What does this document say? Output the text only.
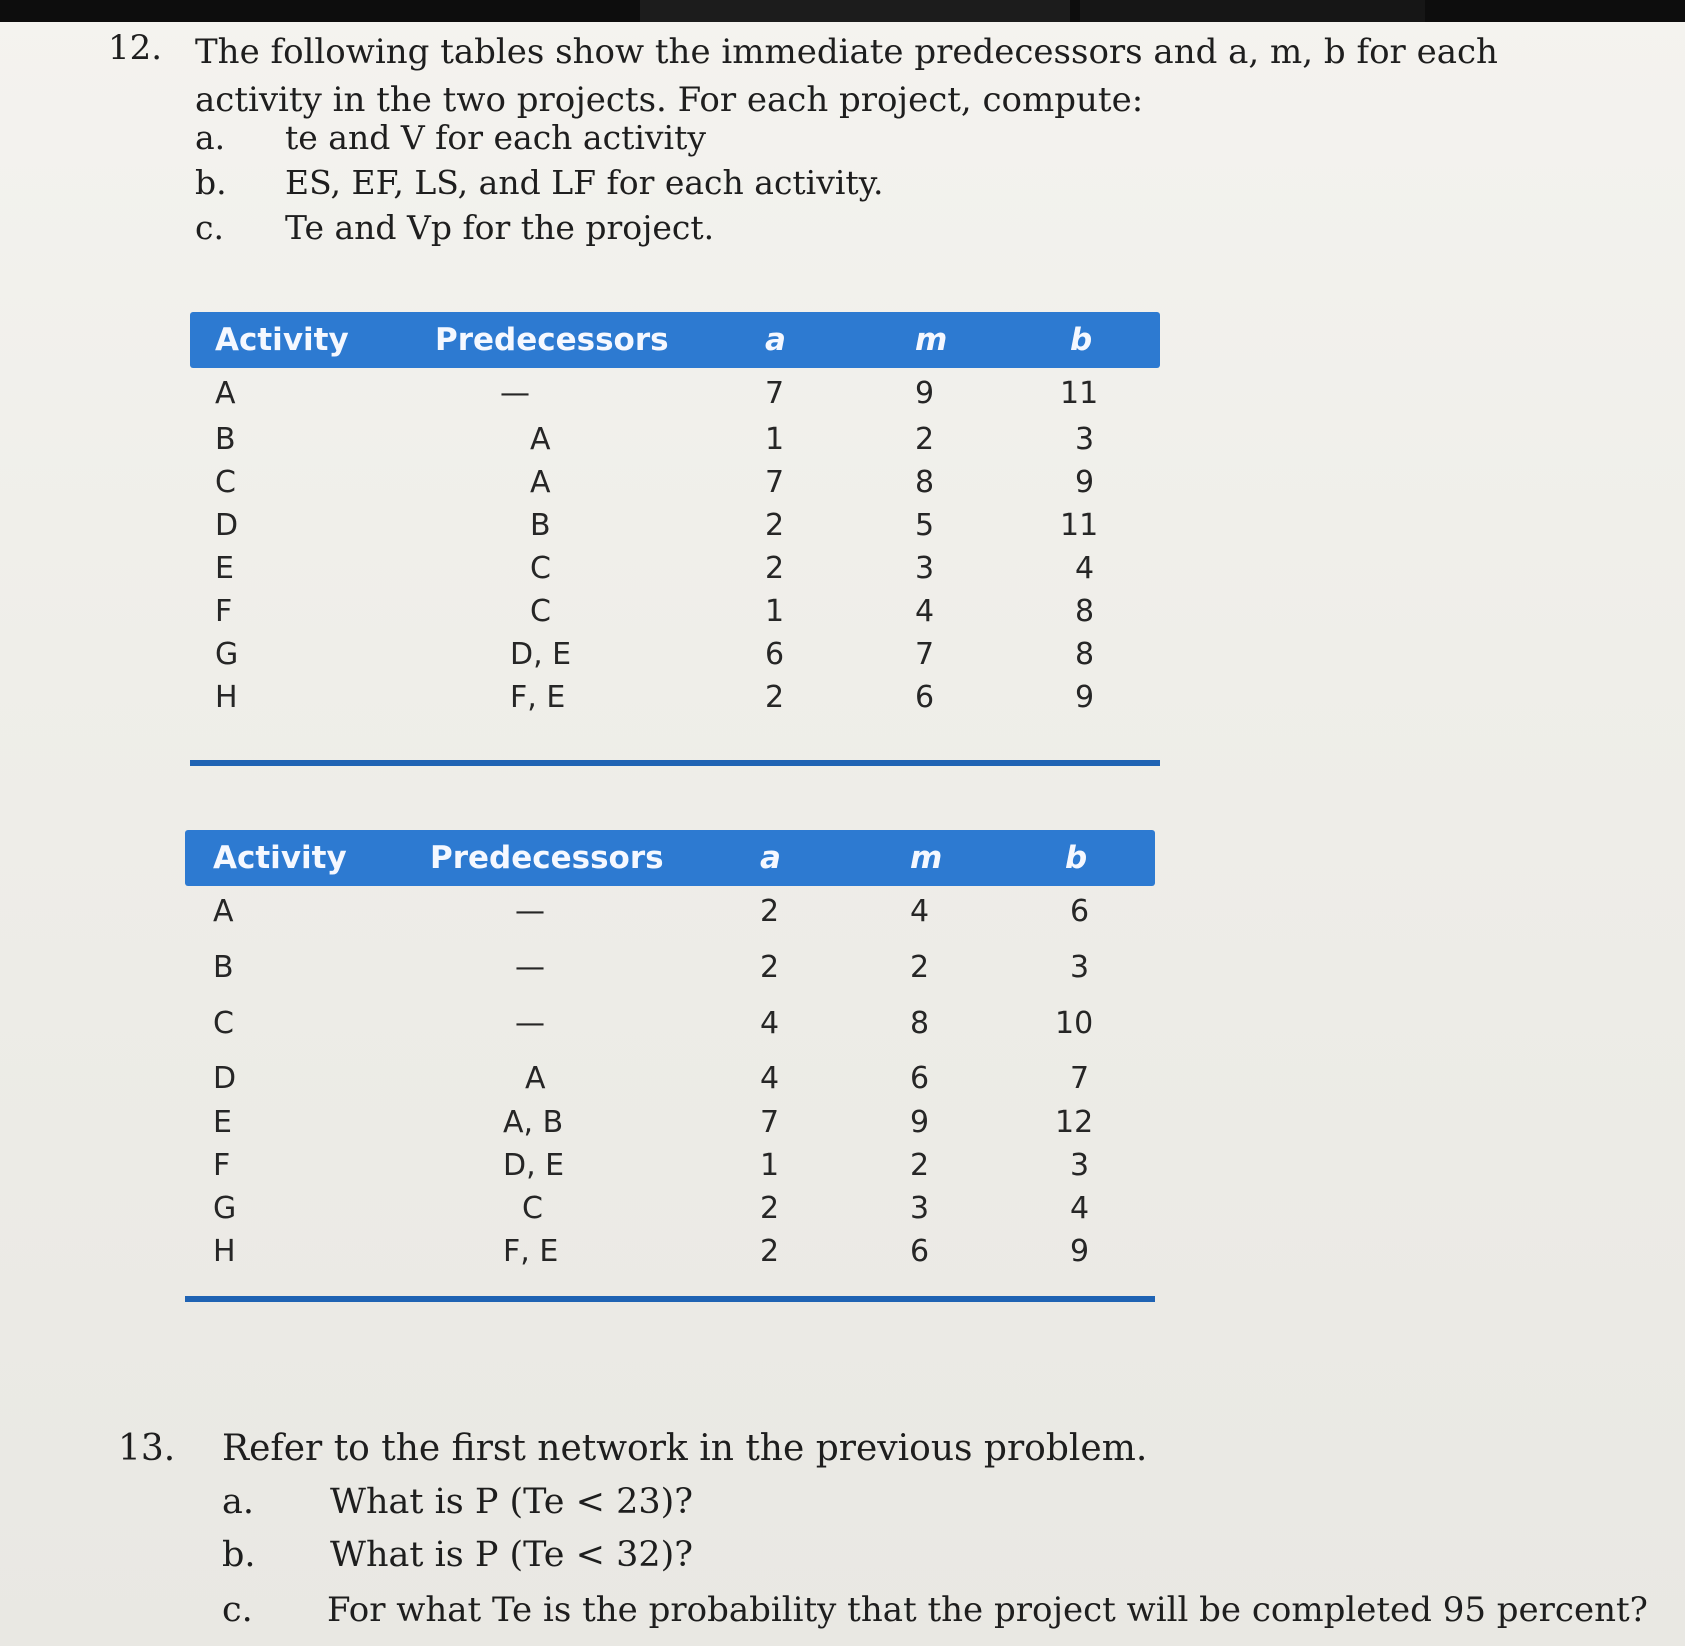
12. The following tables show the immediate predecessors and a, m, b for each activity in the two projects. For each project, compute:
a. te and V for each activity
b. ES, EF, LS, and LF for each activity.
c. Te and Vp for the project.
Activity	Predecessors	a	m	b
A	—	7	9	11
B	A	1	2	3
C	A	7	8	9
D	B	2	5	11
E	C	2	3	4
F	C	1	4	8
G	D, E	6	7	8
H	F, E	2	6	9
Activity	Predecessors	a	m	b
A	—	2	4	6
B	—	2	2	3
C	—	4	8	10
D	A	4	6	7
E	A, B	7	9	12
F	D, E	1	2	3
G	C	2	3	4
H	F, E	2	6	9
13. Refer to the first network in the previous problem.
a. What is P (Te < 23)?
b. What is P (Te < 32)?
c. For what Te is the probability that the project will be completed 95 percent?
